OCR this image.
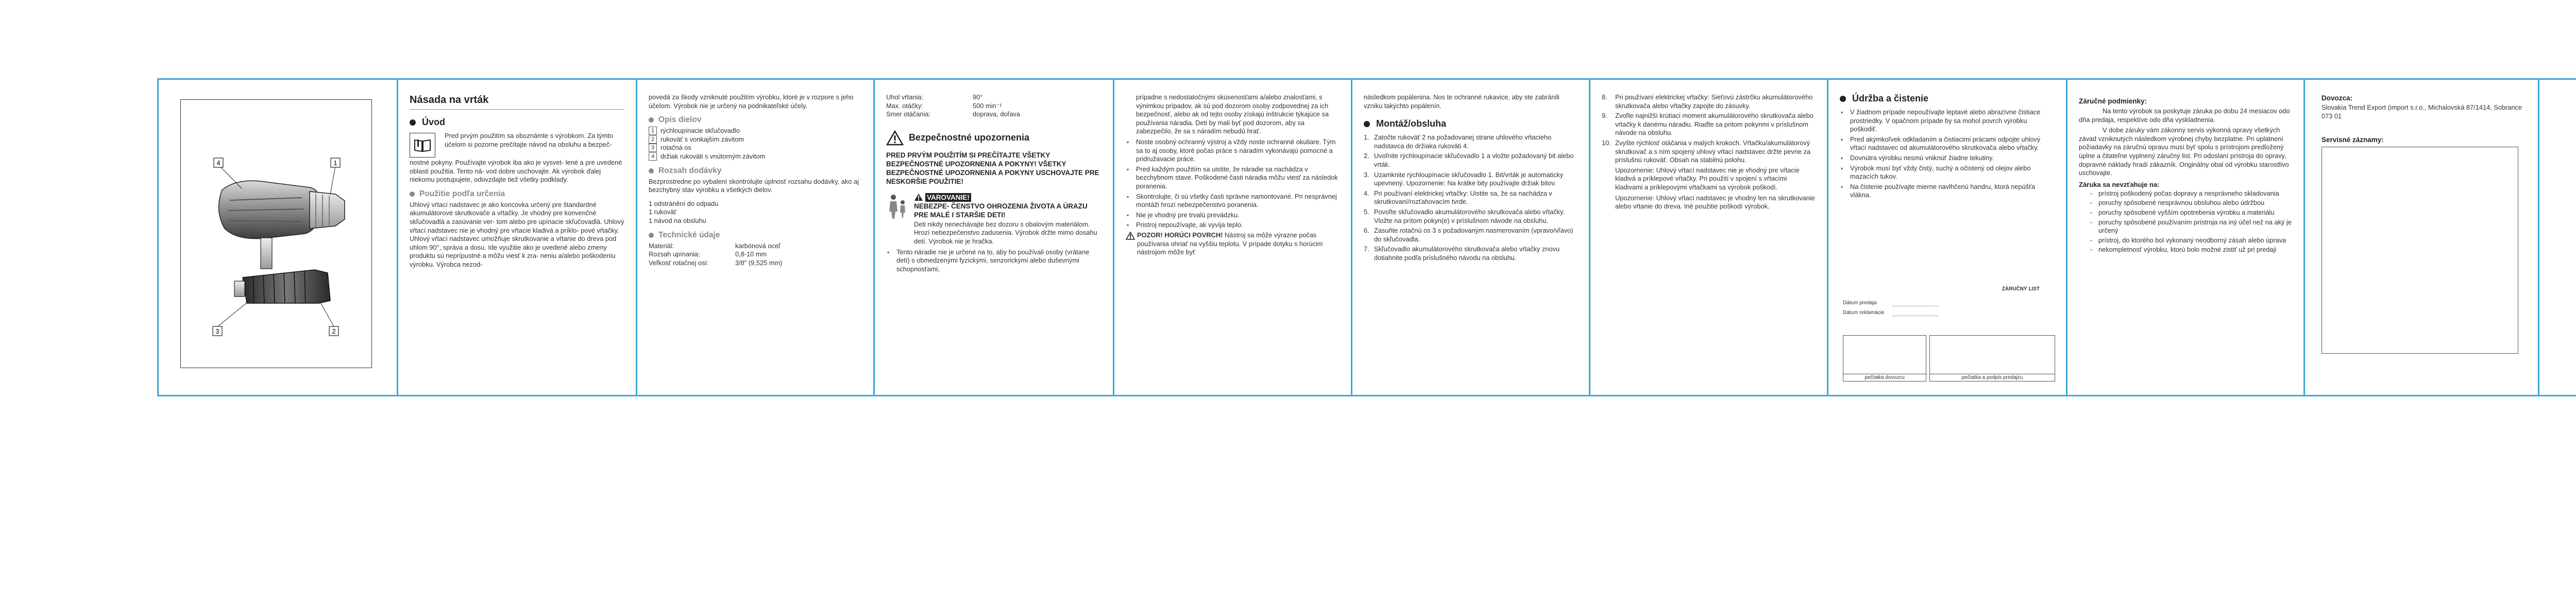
4	1
3	2
Násada na vrták
Úvod

Pred prvým použitím sa oboznámte s výrobkom. Za týmto účelom si pozorne prečítajte návod na obsluhu a bezpeč-

nostné pokyny. Používajte výrobok iba ako je vysvet- lené a pre uvedené oblasti použitia. Tento ná- vod dobre uschovajte. Ak výrobok ďalej niekomu postupujete, odovzdajte tiež všetky podklady.

Použitie podľa určenia

Uhlový vŕtací nadstavec je ako koncovka určený pre štandardné akumulátorové skrutkovače a vŕtačky. Je vhodný pre konvenčné skľučovadlá a zasúvanie ver- tom alebo pre upínacie skľučovadlá. Uhlový vŕtací nadstavec nie je vhodný pre vŕtacie kladivá a príklo- pové vŕtačky. Uhlový vŕtací nadstavec umožňuje skrutkovanie a vŕtanie do dreva pod uhlom 90°, správa a dosu. Ide využitie ako je uvedené alebo zmeny produktu sú neprípustné a môžu viesť k zra- neniu a/alebo poškodeniu výrobku. Výrobca nezod-

povedá za škody vzniknuté použitím výrobku, ktoré je v rozpore s jeho účelom. Výrobok nie je určený na podnikateľské účely.

Opis dielov
1 rýchloupínacie skľučovadlo
2 rukoväť s vonkajším závitom
3 rotačná os
4 držiak rukoväti s vnútorným závitom
Rozsah dodávky

Bezprostredne po vybalení skontrolujte úplnosť rozsahu dodávky, ako aj bezchybný stav výrobku a všetkých dielov.

1 odstránění do odpadu

1 rukoväť

1 návod na obsluhu

Technické údaje
Materiál:	karbónová oceľ
Rozsah upínania:	0,8-10 mm
Veľkosť rotačnej osi:	3/8" (9,525 mm)
Uhol vŕtania:	90°
Max. otáčky:	500 min⁻¹
Smer otáčania:	doprava, doľava
Bezpečnostné upozornenia
PRED PRVÝM POUŽITÍM SI PREČÍTAJTE VŠETKY BEZPEČNOSTNÉ UPOZORNENIA A POKYNY! VŠETKY BEZPEČNOSTNÉ UPOZORNENIA A POKYNY USCHOVAJTE PRE NESKORŠIE POUŽITIE!
VAROVANIE!
NEBEZPE- ČENSTVO OHROZENIA ŽIVOTA A ÚRAZU PRE MALÉ I STARŠIE DETI!

Deti nikdy nenechávajte bez dozoru s obalovým materiálom. Hrozí nebezpečenstvo zadusenia. Výrobok držte mimo dosahu detí. Výrobok nie je hračka.

▪ Tento náradie nie je určené na to, aby ho používali osoby (vrátane detí) s obmedzenými fyzickými, senzorickými alebo duševnými schopnosťami,

prípadne s nedostatočnými skúsenosťami a/alebo znalosťami, s výnimkou prípadov, ak sú pod dozorom osoby zodpovednej za ich bezpečnosť, alebo ak od tejto osoby získajú inštrukcie týkajúce sa používania náradia. Deti by mali byť pod dozorom, aby sa zabezpečilo, že sa s náradím nebudú hrať.

▪ Noste osobný ochranný výstroj a vždy noste ochranné okuliare. Tým sa to aj osoby, ktoré počas práce s náradím vykonávajú pomocné a pridružavacie práce.

▪ Pred každým použitím sa uistite, že náradie sa nachádza v bezchybnom stave. Poškodené časti náradia môžu viesť za následok poranenia.

▪ Skontrolujte, či sú všetky časti správne namontované. Pri nesprávnej montáži hrozí nebezpečenstvo poranenia.

▪ Nie je vhodný pre trvalú prevádzku.

▪ Pristroj nepoužívajte, ak vyvíja teplo.

POZOR! HORÚCI POVRCH! Nástroj sa môže výrazne počas používania ohriať na vyššiu teplotu. V prípade dotyku s horúcim nástrojom môže byť

následkom popálenina. Nos te ochranné rukavice, aby ste zabránili vzniku takýchto popálenín.

Montáž/obsluha

1. Zatočte rukoväť 2 na požadovanej strane uhlového vŕtacieho nadstavca do držiaka rukoväti 4.

2. Uvoľnite rýchloupínacie skľučovadlo 1 a vložte požadovaný bit alebo vrták.

3. Uzamknite rýchloupínacie skľučovadlo 1. Bit/vrták je automaticky upevnený. Upozornenie: Na krátke bity používajte držiak bitov.

4. Pri používaní elektrickej vŕtačky: Uistite sa, že sa nachádza v skrutkovaní/rozťahovacím tvrde.

5. Povoľte skľučovadlo akumulátorového skrutkovača alebo vŕtačky. Vložte na prítom pokyn(e) v príslušnom návode na obsluhu.

6. Zasuňte rotačnú os 3 s požadovaným nasmerovaním (vpravo/vľavo) do skľučovadla.

7. Skľučovadlo akumulátorového skrutkovača alebo vŕtačky znovu dotiahnite podľa príslušného návodu na obsluhu.

8. Pri používaní elektrickej vŕtačky: Sieťovú zástrčku akumulátorového skrutkovača alebo vŕtačky zapojte do zásuvky.

9. Zvoľte najnižší krútiaci moment akumulátorového skrutkovača alebo vŕtačky k danému náradiu. Riaďte sa pritom pokynmi v príslušnom návode na obsluhu.

10. Zvyšte rýchlosť otáčania v malých krokoch. Vŕtačku/akumulátorový skrutkovač a s ním spojený uhlový vŕtací nadstavec držte pevne za príslušnú rukoväť. Obsah na stabilnú polohu.

Upozornenie: Uhlový vŕtací nadstavec nie je vhodný pre vŕtacie kladivá a príklepové vŕtačky. Pri použití v spojení s vŕtacími kladivami a príklepovými vŕtačkami sa výrobok poškodí.

Upozornenie: Uhlový vŕtací nadstavec je vhodný len na skrutkovanie alebo vŕtanie do dreva. Iné použitie poškodí výrobok.

Údržba a čistenie

▪ V žiadnom prípade nepoužívajte leptavé alebo abrazívne čistiace prostriedky. V opačnom prípade by sa mohol povrch výrobku poškodiť.

▪ Pred akýmkoľvek odkladaním a čistiacimi prácami odpojte uhlový vŕtací nadstavec od akumulátorového skrutkovača alebo vŕtačky.

▪ Dovnútra výrobku nesmú vniknúť žiadne tekutiny.

▪ Výrobok musí byť vždy čistý, suchý a očistený od olejov alebo mazacích tukov.

▪ Na čistenie používajte mierne navlhčenú handru, ktorá nepúšťa vlákna.

ZÁRUČNÝ LIST
Dátum predaja
Dátum reklamácie
pečiatka dovozcu	pečiatka a podpis predajcu
Záručné podmienky:

Na tento výrobok sa poskytuje záruka po dobu 24 mesiacov odo dňa predaja, respektíve odo dňa vyskladnenia.

V dobe záruky vám zákonný servis výkonná opravy všetkých závad vzniknutých následkom výrobnej chyby bezplatne. Pri uplatnení požiadavky na záručnú opravu musí byť spolu s prístrojom predložený úplne a čitateľne vyplnený záručný list. Pri odoslaní prístroja do opravy, dopravné náklady hradí zákazník. Originálny obal od výrobku starostlivo uschovajte.

Záruka sa nevzťahuje na:

- prístroj poškodený počas dopravy a nesprávneho skladovania

- poruchy spôsobené nesprávnou obsluhou alebo údržbou

- poruchy spôsobené vyšším opotrebenia výrobku a materiálu

- poruchy spôsobené používaním prístroja na iný účel než na aký je určený

- prístroj, do ktorého bol vykonaný neodborný zásah alebo úprava

- nekompletnosť výrobku, ktorú bolo možné zistiť už pri predaji

Dovozca:

Slovakia Trend Export (import s.r.o., Michalovská 87/1414, Sobrance 073 01

Servisné záznamy:
